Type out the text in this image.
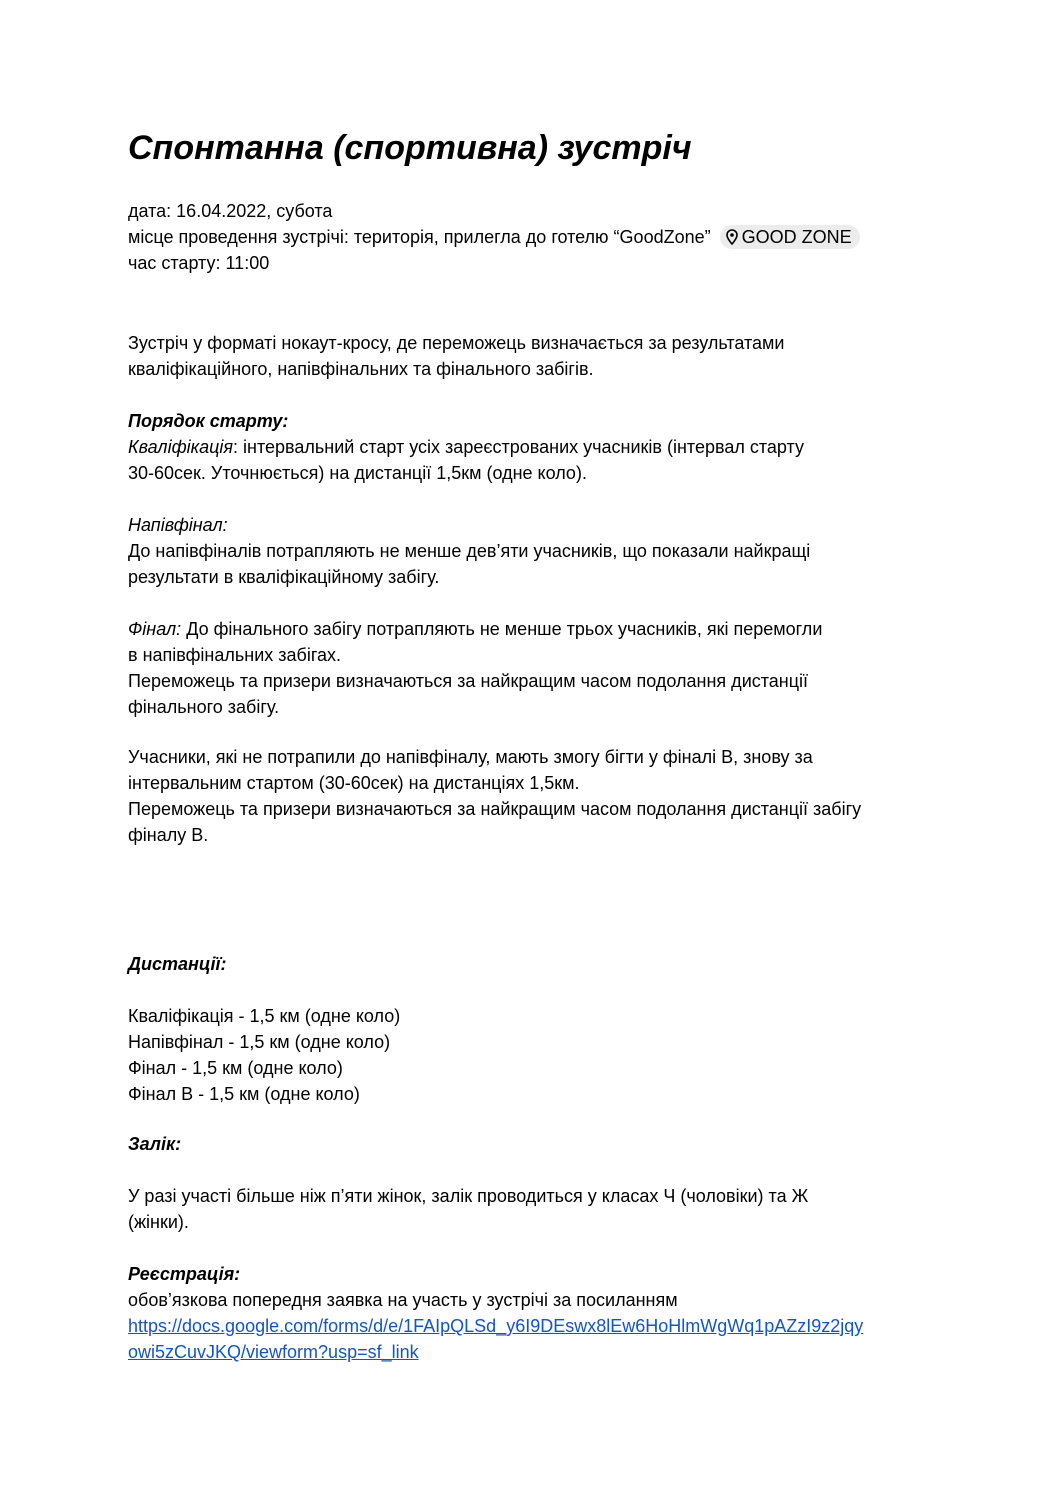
Спонтанна (спортивна) зустріч

дата: 16.04.2022, субота

місце проведення зустрічі: територія, прилегла до готелю “GoodZone” GOOD ZONE

час старту: 11:00

Зустріч у форматі нокаут-кросу, де переможець визначається за результатами

кваліфікаційного, напівфінальних та фінального забігів.

Порядок старту:

Кваліфікація: інтервальний старт усіх зареєстрованих учасників (інтервал старту

30-60сек. Уточнюється) на дистанції 1,5км (одне коло).

Напівфінал:

До напівфіналів потрапляють не менше дев’яти учасників, що показали найкращі

результати в кваліфікаційному забігу.

Фінал: До фінального забігу потрапляють не менше трьох учасників, які перемогли

в напівфінальних забігах.

Переможець та призери визначаються за найкращим часом подолання дистанції

фінального забігу.

Учасники, які не потрапили до напівфіналу, мають змогу бігти у фіналі В, знову за

інтервальним стартом (30-60сек) на дистанціях 1,5км.

Переможець та призери визначаються за найкращим часом подолання дистанції забігу

фіналу В.

Дистанції:

Кваліфікація - 1,5 км (одне коло)

Напівфінал - 1,5 км (одне коло)

Фінал - 1,5 км (одне коло)

Фінал В - 1,5 км (одне коло)

Залік:

У разі участі більше ніж п’яти жінок, залік проводиться у класах Ч (чоловіки) та Ж

(жінки).

Реєстрація:

обов’язкова попередня заявка на участь у зустрічі за посиланням

https://docs.google.com/forms/d/e/1FAIpQLSd_y6I9DEswx8lEw6HoHlmWgWq1pAZzI9z2jqy

owi5zCuvJKQ/viewform?usp=sf_link
